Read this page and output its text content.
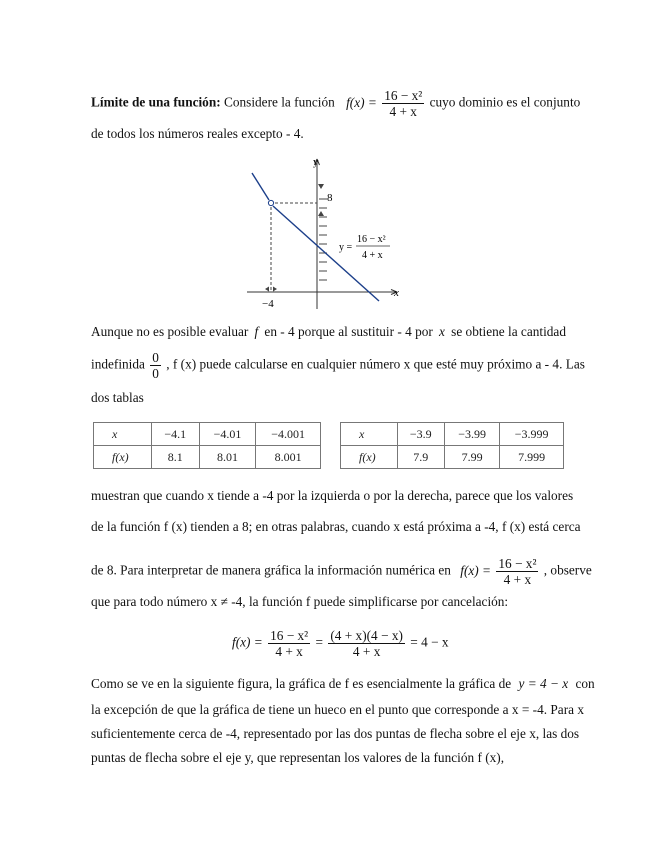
Límite de una función: Considere la función $f(x) = \frac{\text{16 − x²}}{4 + x}$ cuyo dominio es el conjunto
de todos los números reales excepto - 4.
y
x
8
−4
y =
16 − x²
4 + x
Aunque no es posible evaluar f en - 4 porque al sustituir - 4 por x se obtiene la cantidad
indefinida $\frac{0}{0}$ , f (x) puede calcularse en cualquier número x que esté muy próximo a - 4. Las
dos tablas
x	−4.1	−4.01	−4.001
f(x)	8.1	8.01	8.001
x	−3.9	−3.99	−3.999
f(x)	7.9	7.99	7.999
muestran que cuando x tiende a -4 por la izquierda o por la derecha, parece que los valores
de la función f (x) tienden a 8; en otras palabras, cuando x está próxima a -4, f (x) está cerca
de 8. Para interpretar de manera gráfica la información numérica en $f(x) = \frac{\text{16 − x²}}{4 + x}$ , observe
que para todo número x ≠ -4, la función f puede simplificarse por cancelación:
$f(x) = \frac{\text{16 − x²}}{4 + x} = \frac{(4 + x)(4 - x)}{4 + x} = 4 - x$
Como se ve en la siguiente figura, la gráfica de f es esencialmente la gráfica de y = 4 − x con
la excepción de que la gráfica de tiene un hueco en el punto que corresponde a x = -4. Para x
suficientemente cerca de -4, representado por las dos puntas de flecha sobre el eje x, las dos
puntas de flecha sobre el eje y, que representan los valores de la función f (x),
